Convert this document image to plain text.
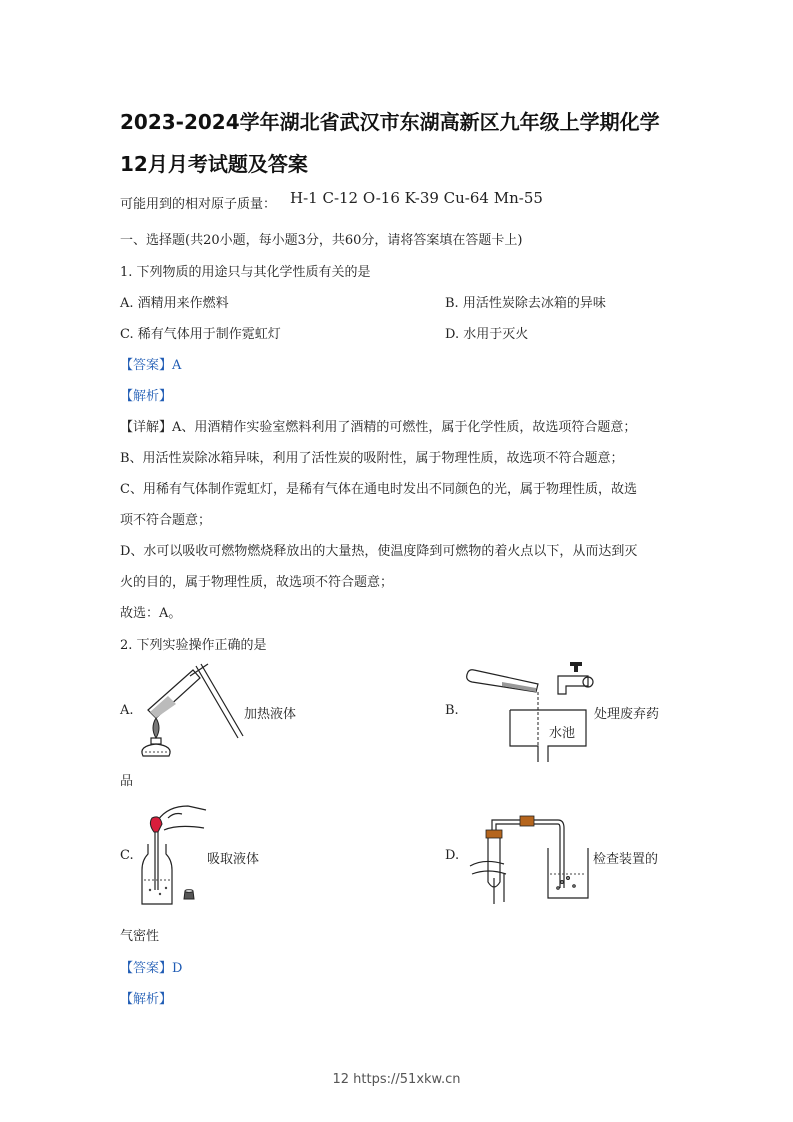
2023-2024学年湖北省武汉市东湖高新区九年级上学期化学
12月月考试题及答案
可能用到的相对原子质量： H-1 C-12 O-16 K-39 Cu-64 Mn-55
一、选择题(共20小题，每小题3分，共60分，请将答案填在答题卡上)
1. 下列物质的用途只与其化学性质有关的是
A. 酒精用来作燃料	B. 用活性炭除去冰箱的异味
C. 稀有气体用于制作霓虹灯	D. 水用于灭火
【答案】A
【解析】
【详解】A、用酒精作实验室燃料利用了酒精的可燃性，属于化学性质，故选项符合题意；
B、用活性炭除冰箱异味，利用了活性炭的吸附性，属于物理性质，故选项不符合题意；
C、用稀有气体制作霓虹灯，是稀有气体在通电时发出不同颜色的光，属于物理性质，故选
项不符合题意；
D、水可以吸收可燃物燃烧释放出的大量热，使温度降到可燃物的着火点以下，从而达到灭
火的目的，属于物理性质，故选项不符合题意；
故选：A。
2. 下列实验操作正确的是
A.	加热液体	B.
水池
处理废弃药
品
C.	吸取液体	D.	检查装置的
气密性
【答案】D
【解析】
12 https://51xkw.cn
